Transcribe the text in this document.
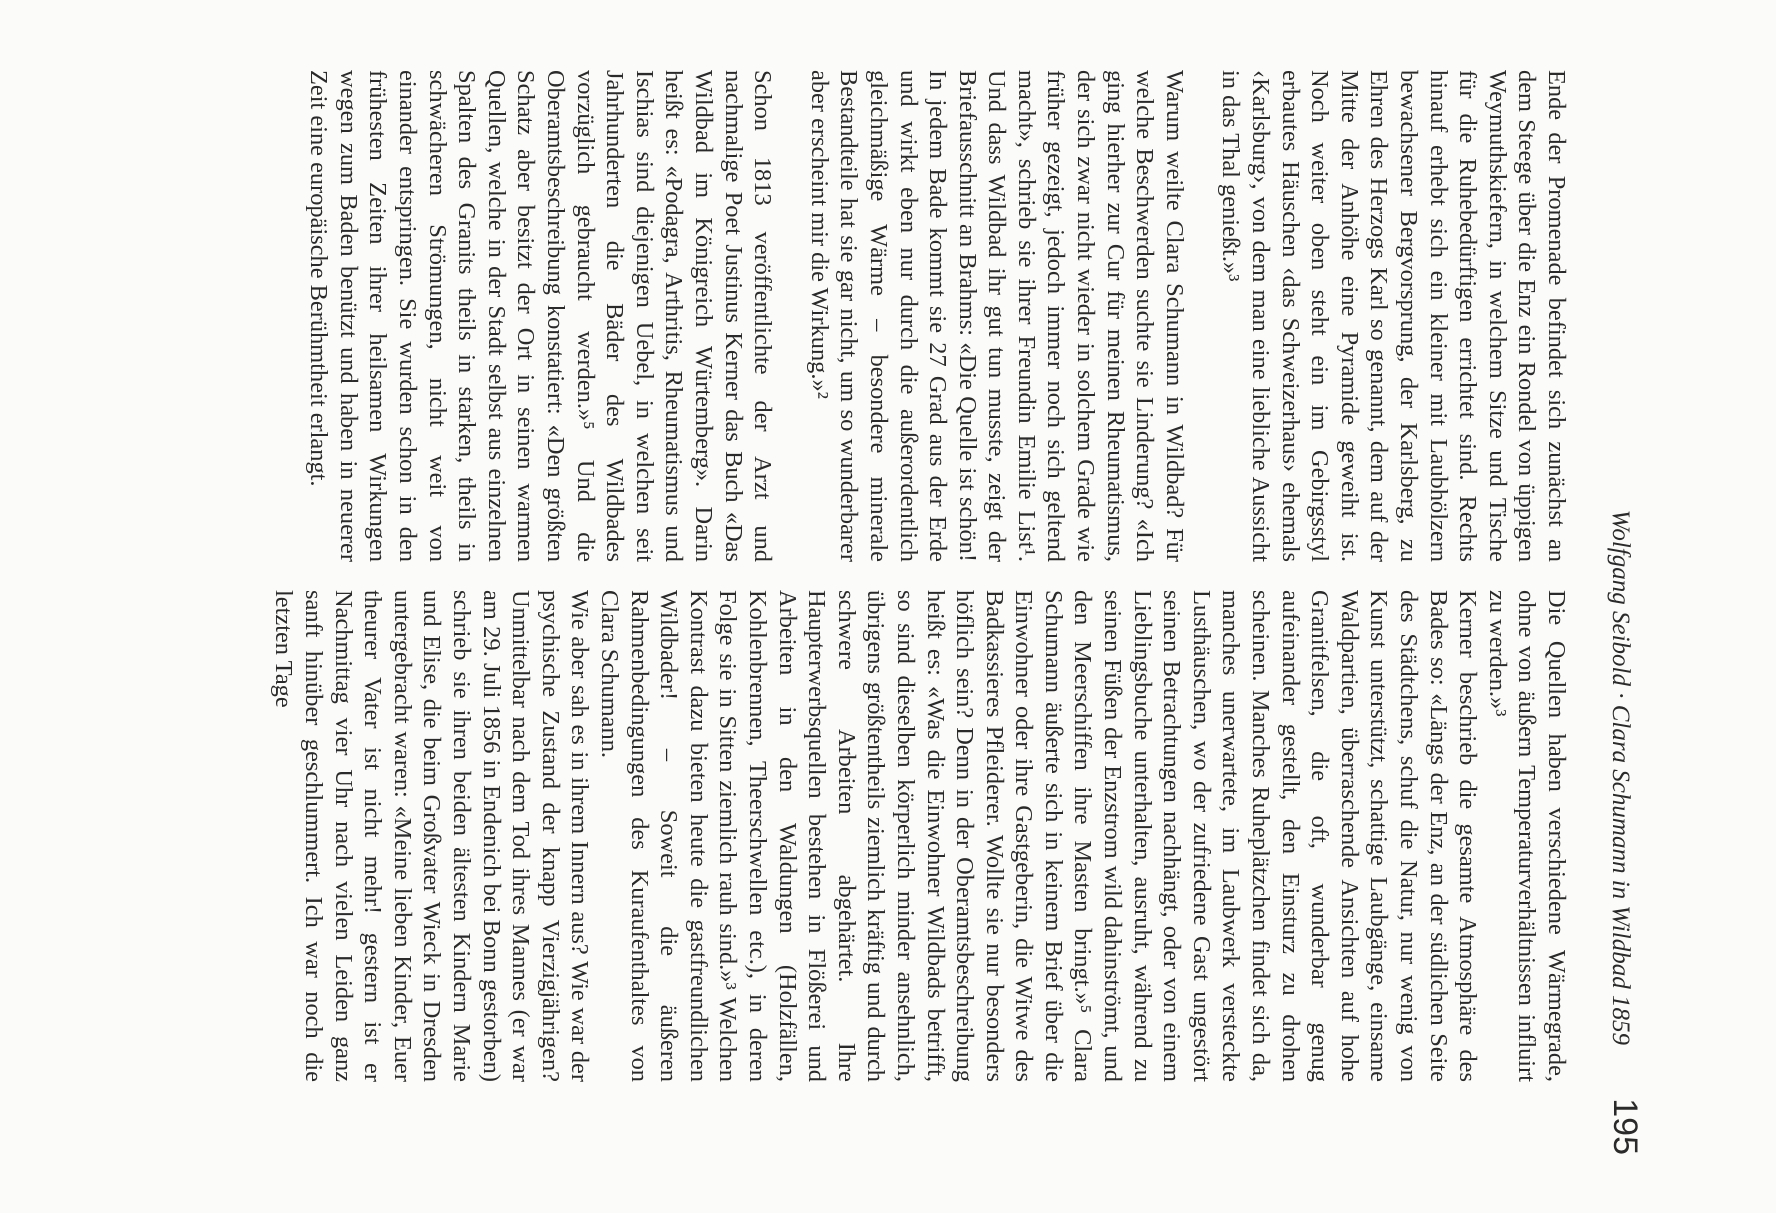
Wolfgang Seibold · Clara Schumann in Wildbad 1859
195

Ende der Promenade befindet sich zunächst an dem Steege über die Enz ein Rondel von üppigen Weymuthskiefern, in welchem Sitze und Tische für die Ruhebedürftigen errichtet sind. Rechts hinauf erhebt sich ein kleiner mit Laubhölzern bewachsener Bergvorsprung, der Karlsberg, zu Ehren des Herzogs Karl so genannt, dem auf der Mitte der Anhöhe eine Pyramide geweiht ist. Noch weiter oben steht ein im Gebirgsstyl erbautes Häuschen ‹das Schweizerhaus› ehemals ‹Karlsburg›, von dem man eine liebliche Aussicht in das Thal genießt.»³

Warum weilte Clara Schumann in Wildbad? Für welche Beschwerden suchte sie Linderung? «Ich ging hierher zur Cur für meinen Rheumatismus, der sich zwar nicht wieder in solchem Grade wie früher gezeigt, jedoch immer noch sich geltend macht», schrieb sie ihrer Freundin Emilie List¹. Und dass Wildbad ihr gut tun musste, zeigt der Briefausschnitt an Brahms: «Die Quelle ist schön! In jedem Bade kommt sie 27 Grad aus der Erde und wirkt eben nur durch die außerordentlich gleichmäßige Wärme – besondere minerale Bestandteile hat sie gar nicht, um so wunderbarer aber erscheint mir die Wirkung.»²

Schon 1813 veröffentlichte der Arzt und nachmalige Poet Justinus Kerner das Buch «Das Wildbad im Königreich Würtemberg». Darin heißt es: «Podagra, Arthritis, Rheumatismus und Ischias sind diejenigen Uebel, in welchen seit Jahrhunderten die Bäder des Wildbades vorzüglich gebraucht werden.»⁵ Und die Oberamtsbeschreibung konstatiert: «Den größten Schatz aber besitzt der Ort in seinen warmen Quellen, welche in der Stadt selbst aus einzelnen Spalten des Granits theils in starken, theils in schwächeren Strömungen, nicht weit von einander entspringen. Sie wurden schon in den frühesten Zeiten ihrer heilsamen Wirkungen wegen zum Baden benützt und haben in neuerer Zeit eine europäische Berühmtheit erlangt.

Die Quellen haben verschiedene Wärmegrade, ohne von äußern Temperaturverhältnissen influirt zu werden.»³

Kerner beschrieb die gesamte Atmosphäre des Bades so: «Längs der Enz, an der südlichen Seite des Städtchens, schuf die Natur, nur wenig von Kunst unterstützt, schattige Laubgänge, einsame Waldpartien, überraschende Ansichten auf hohe Granitfelsen, die oft, wunderbar genug aufeinander gestellt, den Einsturz zu drohen scheinen. Manches Ruheplätzchen findet sich da, manches unerwartete, im Laubwerk versteckte Lusthäuschen, wo der zufriedene Gast ungestört seinen Betrachtungen nachhängt, oder von einem Lieblingsbuche unterhalten, ausruht, während zu seinen Füßen der Enzstrom wild dahinströmt, und den Meerschiffen ihre Masten bringt.»⁵ Clara Schumann äußerte sich in keinem Brief über die Einwohner oder ihre Gastgeberin, die Witwe des Badkassieres Pfleiderer. Wollte sie nur besonders höflich sein? Denn in der Oberamtsbeschreibung heißt es: «Was die Einwohner Wildbads betrifft, so sind dieselben körperlich minder ansehnlich, übrigens größtentheils ziemlich kräftig und durch schwere Arbeiten abgehärtet. Ihre Haupterwerbsquellen bestehen in Flößerei und Arbeiten in den Waldungen (Holzfällen, Kohlenbrennen, Theerschwellen etc.), in deren Folge sie in Sitten ziemlich rauh sind.»³ Welchen Kontrast dazu bieten heute die gastfreundlichen Wildbader! – Soweit die äußeren Rahmenbedingungen des Kuraufenthaltes von Clara Schumann.

Wie aber sah es in ihrem Innern aus? Wie war der psychische Zustand der knapp Vierzigjährigen? Unmittelbar nach dem Tod ihres Mannes (er war am 29. Juli 1856 in Endenich bei Bonn gestorben) schrieb sie ihren beiden ältesten Kindern Marie und Elise, die beim Großvater Wieck in Dresden untergebracht waren: «Meine lieben Kinder, Euer theurer Vater ist nicht mehr! gestern ist er Nachmittag vier Uhr nach vielen Leiden ganz sanft hinüber geschlummert. Ich war noch die letzten Tage
